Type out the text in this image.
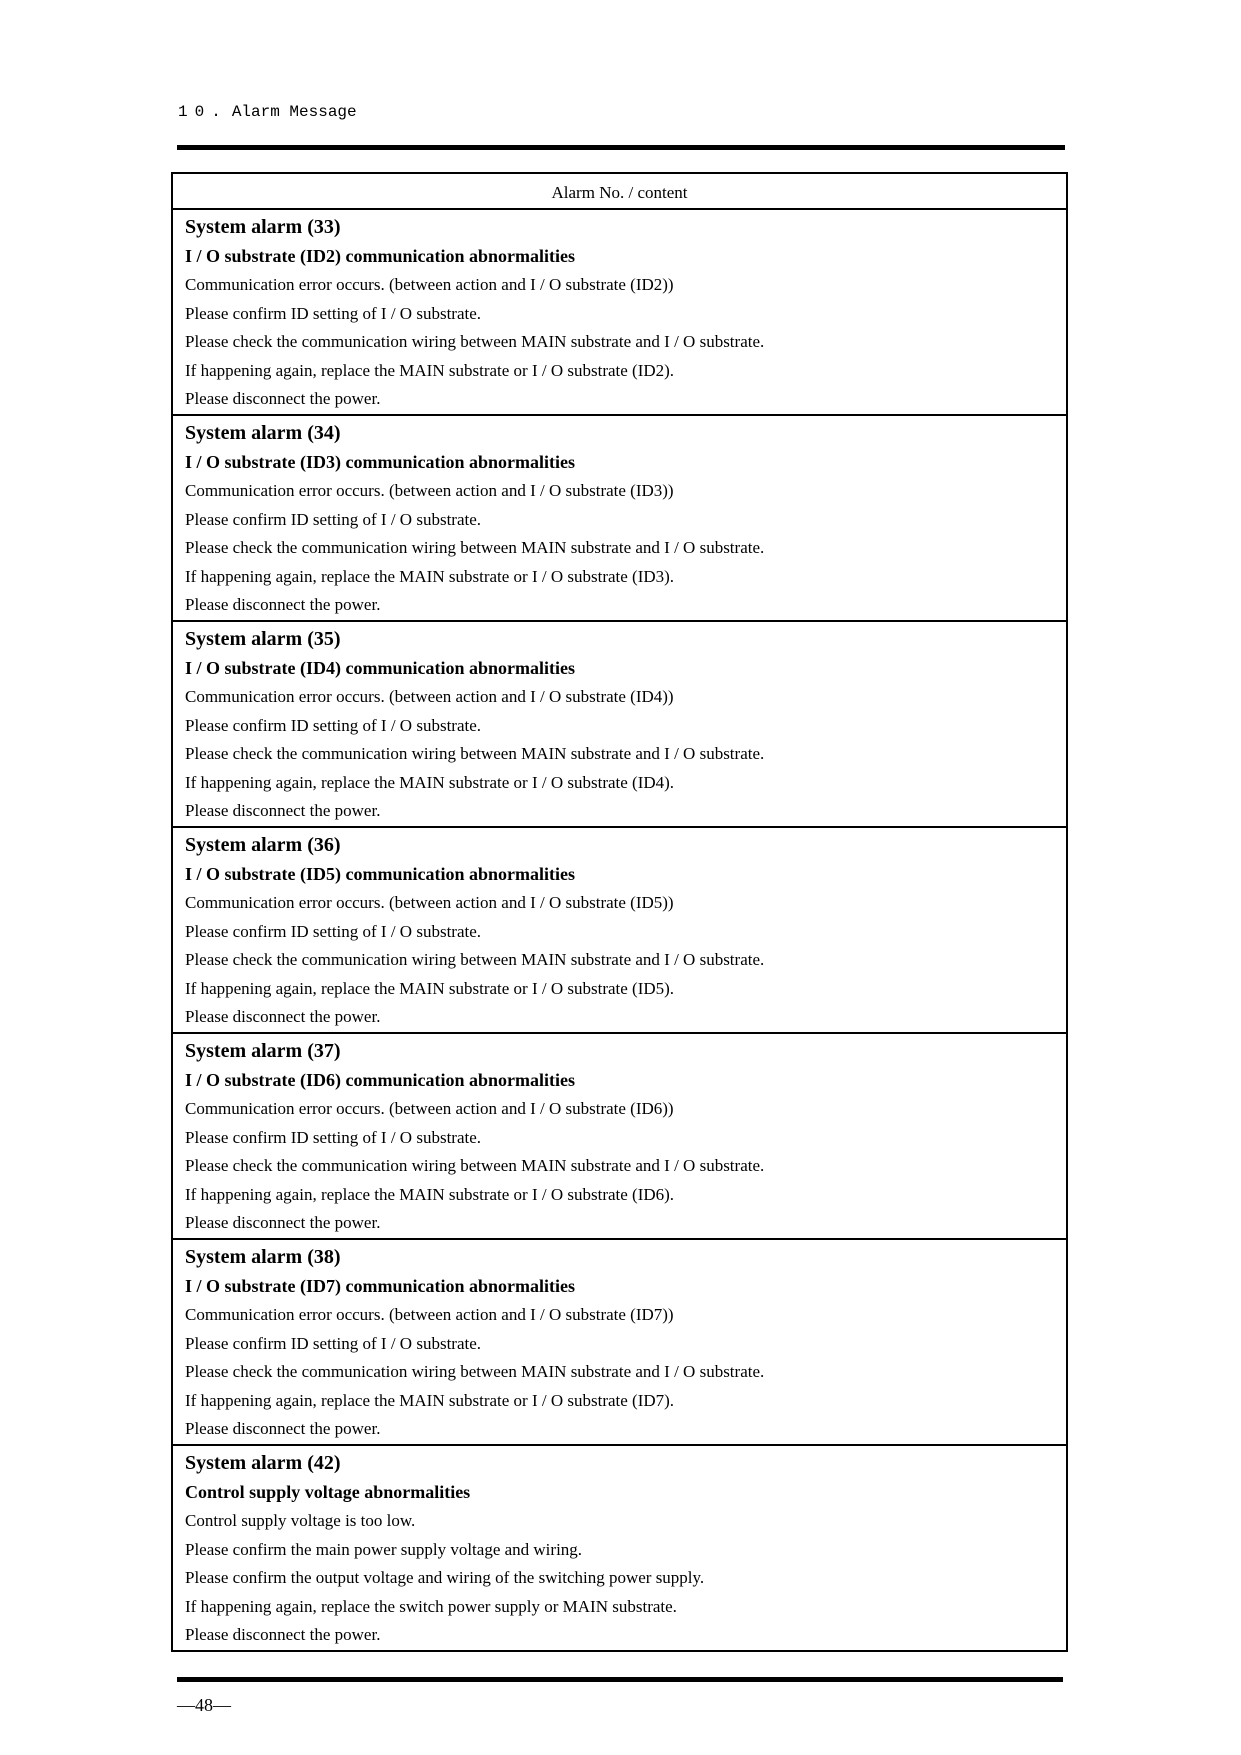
10. Alarm Message
Alarm No. / content
System alarm (33)
I / O substrate (ID2) communication abnormalities
Communication error occurs. (between action and I / O substrate (ID2))
Please confirm ID setting of I / O substrate.
Please check the communication wiring between MAIN substrate and I / O substrate.
If happening again, replace the MAIN substrate or I / O substrate (ID2).
Please disconnect the power.
System alarm (34)
I / O substrate (ID3) communication abnormalities
Communication error occurs. (between action and I / O substrate (ID3))
Please confirm ID setting of I / O substrate.
Please check the communication wiring between MAIN substrate and I / O substrate.
If happening again, replace the MAIN substrate or I / O substrate (ID3).
Please disconnect the power.
System alarm (35)
I / O substrate (ID4) communication abnormalities
Communication error occurs. (between action and I / O substrate (ID4))
Please confirm ID setting of I / O substrate.
Please check the communication wiring between MAIN substrate and I / O substrate.
If happening again, replace the MAIN substrate or I / O substrate (ID4).
Please disconnect the power.
System alarm (36)
I / O substrate (ID5) communication abnormalities
Communication error occurs. (between action and I / O substrate (ID5))
Please confirm ID setting of I / O substrate.
Please check the communication wiring between MAIN substrate and I / O substrate.
If happening again, replace the MAIN substrate or I / O substrate (ID5).
Please disconnect the power.
System alarm (37)
I / O substrate (ID6) communication abnormalities
Communication error occurs. (between action and I / O substrate (ID6))
Please confirm ID setting of I / O substrate.
Please check the communication wiring between MAIN substrate and I / O substrate.
If happening again, replace the MAIN substrate or I / O substrate (ID6).
Please disconnect the power.
System alarm (38)
I / O substrate (ID7) communication abnormalities
Communication error occurs. (between action and I / O substrate (ID7))
Please confirm ID setting of I / O substrate.
Please check the communication wiring between MAIN substrate and I / O substrate.
If happening again, replace the MAIN substrate or I / O substrate (ID7).
Please disconnect the power.
System alarm (42)
Control supply voltage abnormalities
Control supply voltage is too low.
Please confirm the main power supply voltage and wiring.
Please confirm the output voltage and wiring of the switching power supply.
If happening again, replace the switch power supply or MAIN substrate.
Please disconnect the power.
—48—
